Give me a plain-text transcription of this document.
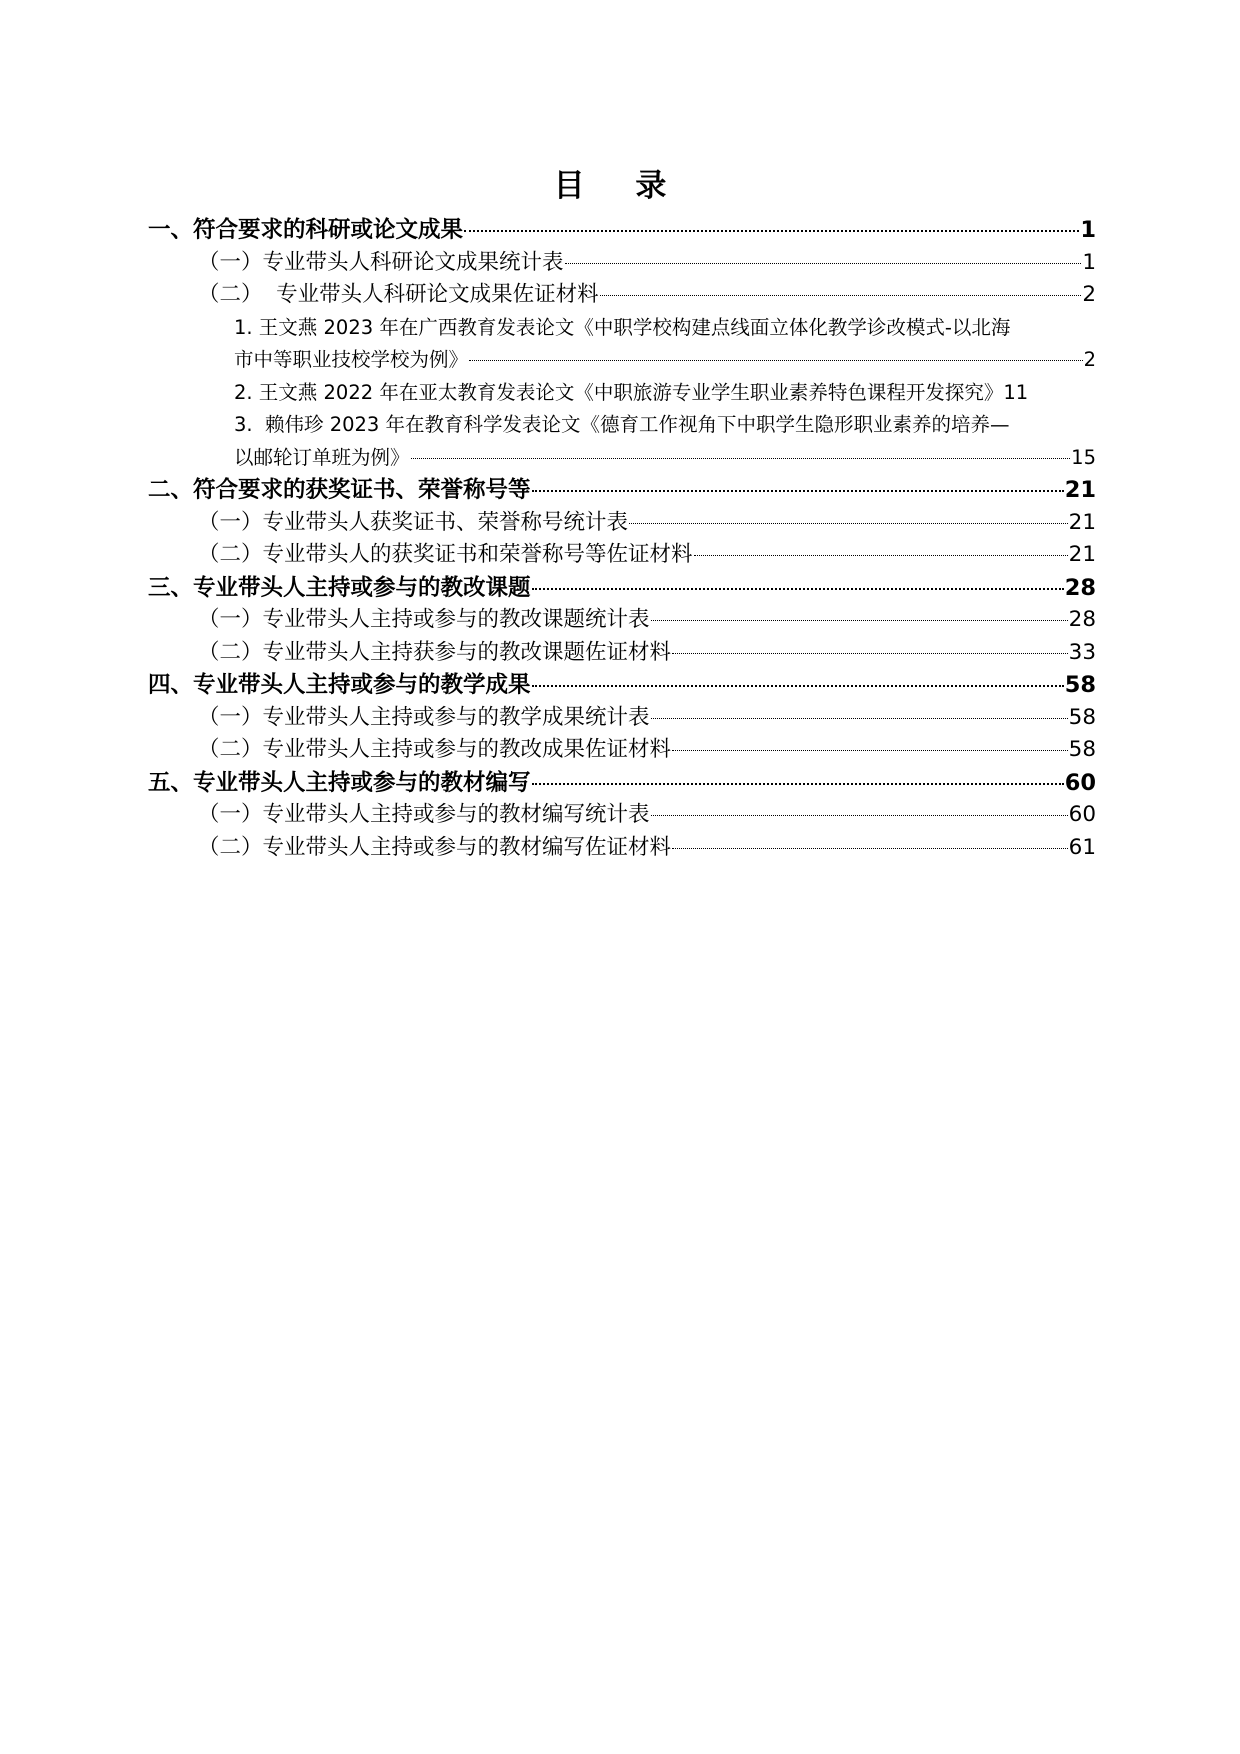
目 录
一、符合要求的科研或论文成果	1
（一）专业带头人科研论文成果统计表	1
（二）  专业带头人科研论文成果佐证材料	2
1. 王文燕 2023 年在广西教育发表论文《中职学校构建点线面立体化教学诊改模式-以北海
市中等职业技校学校为例》	2
2. 王文燕 2022 年在亚太教育发表论文《中职旅游专业学生职业素养特色课程开发探究》 11
3.  赖伟珍 2023 年在教育科学发表论文《德育工作视角下中职学生隐形职业素养的培养—
以邮轮订单班为例》	15
二、符合要求的获奖证书、荣誉称号等	21
（一）专业带头人获奖证书、荣誉称号统计表	21
（二）专业带头人的获奖证书和荣誉称号等佐证材料	21
三、专业带头人主持或参与的教改课题	28
（一）专业带头人主持或参与的教改课题统计表	28
（二）专业带头人主持获参与的教改课题佐证材料	33
四、专业带头人主持或参与的教学成果	58
（一）专业带头人主持或参与的教学成果统计表	58
（二）专业带头人主持或参与的教改成果佐证材料	58
五、专业带头人主持或参与的教材编写	60
（一）专业带头人主持或参与的教材编写统计表	60
（二）专业带头人主持或参与的教材编写佐证材料	61
